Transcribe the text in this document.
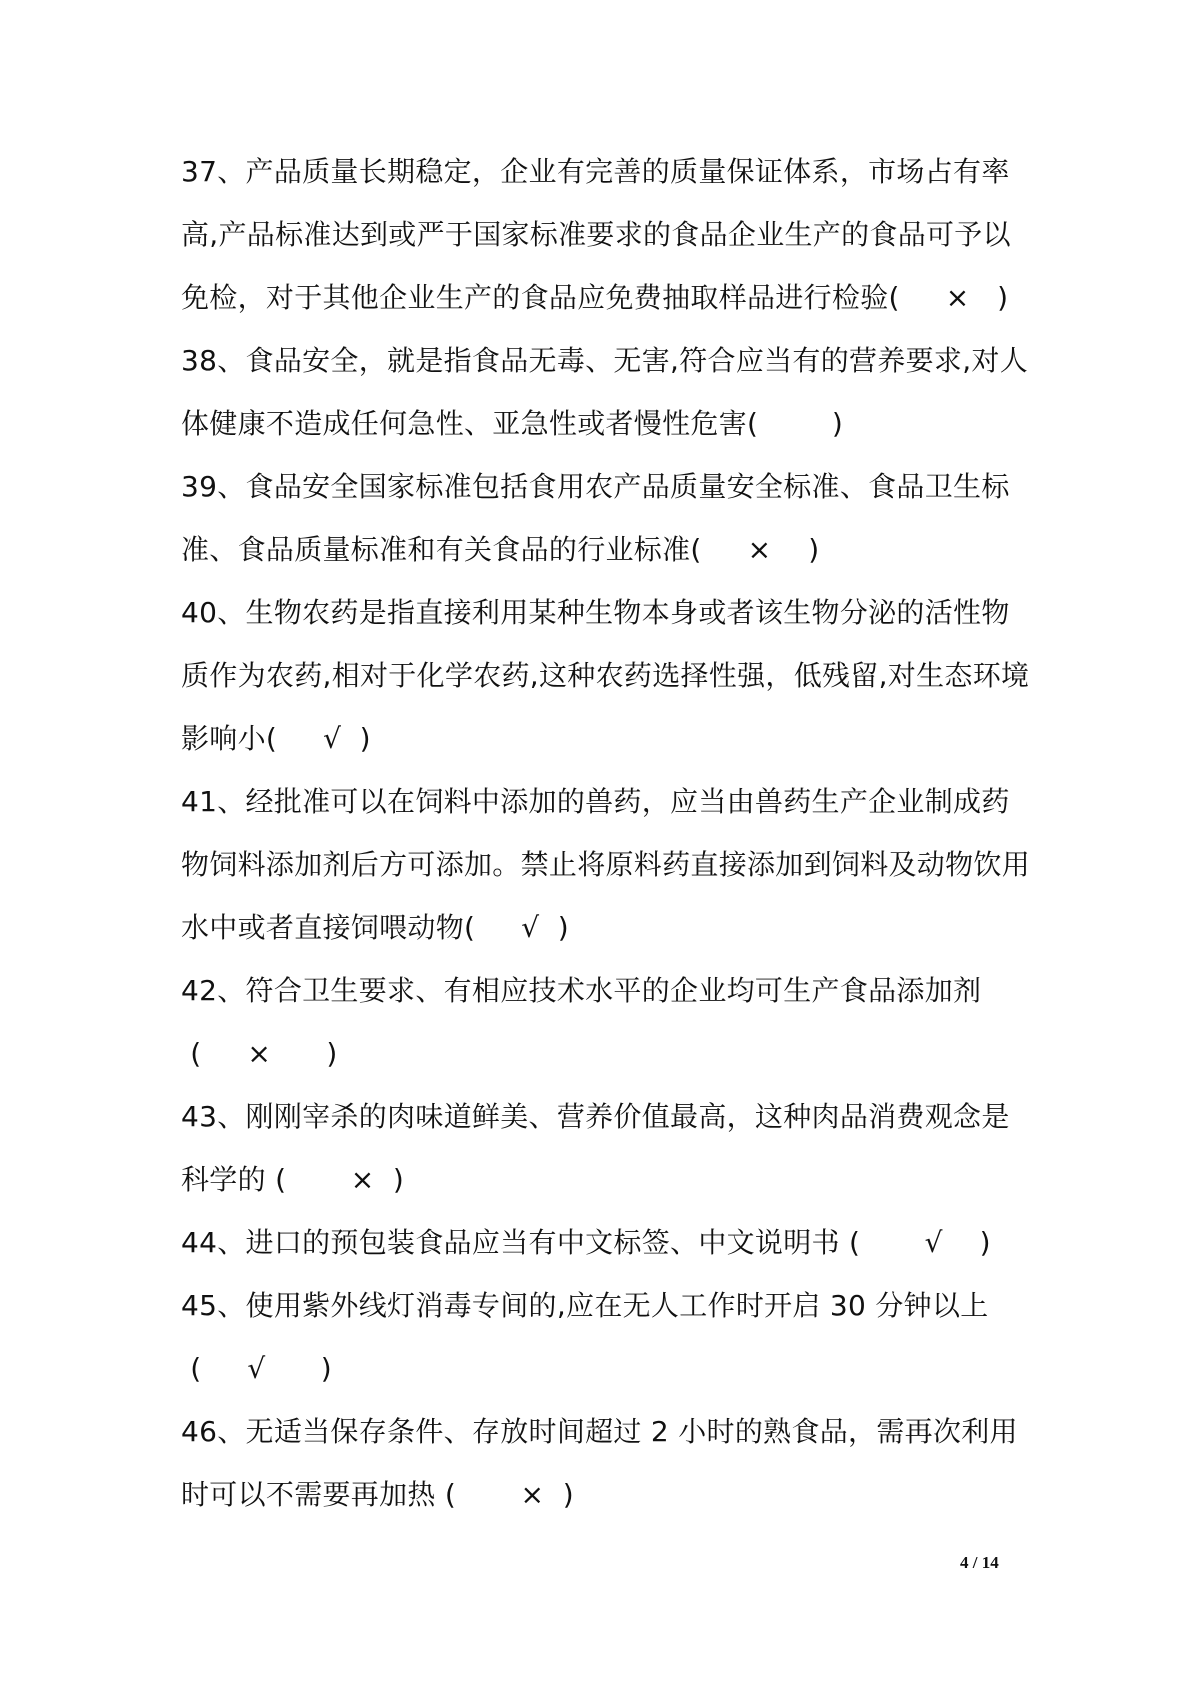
37、产品质量长期稳定，企业有完善的质量保证体系，市场占有率
高,产品标准达到或严于国家标准要求的食品企业生产的食品可予以
免检，对于其他企业生产的食品应免费抽取样品进行检验(     ×   )
38、食品安全，就是指食品无毒、无害,符合应当有的营养要求,对人
体健康不造成任何急性、亚急性或者慢性危害(        )
39、食品安全国家标准包括食用农产品质量安全标准、食品卫生标
准、食品质量标准和有关食品的行业标准(     ×    )
40、生物农药是指直接利用某种生物本身或者该生物分泌的活性物
质作为农药,相对于化学农药,这种农药选择性强，低残留,对生态环境
影响小(     √  )
41、经批准可以在饲料中添加的兽药，应当由兽药生产企业制成药
物饲料添加剂后方可添加。禁止将原料药直接添加到饲料及动物饮用
水中或者直接饲喂动物(     √  )
42、符合卫生要求、有相应技术水平的企业均可生产食品添加剂
(     ×      )
43、刚刚宰杀的肉味道鲜美、营养价值最高，这种肉品消费观念是
科学的 (       ×  )
44、进口的预包装食品应当有中文标签、中文说明书 (       √    )
45、使用紫外线灯消毒专间的,应在无人工作时开启 30 分钟以上
(     √      )
46、无适当保存条件、存放时间超过 2 小时的熟食品，需再次利用
时可以不需要再加热 (       ×  )
4 / 14
